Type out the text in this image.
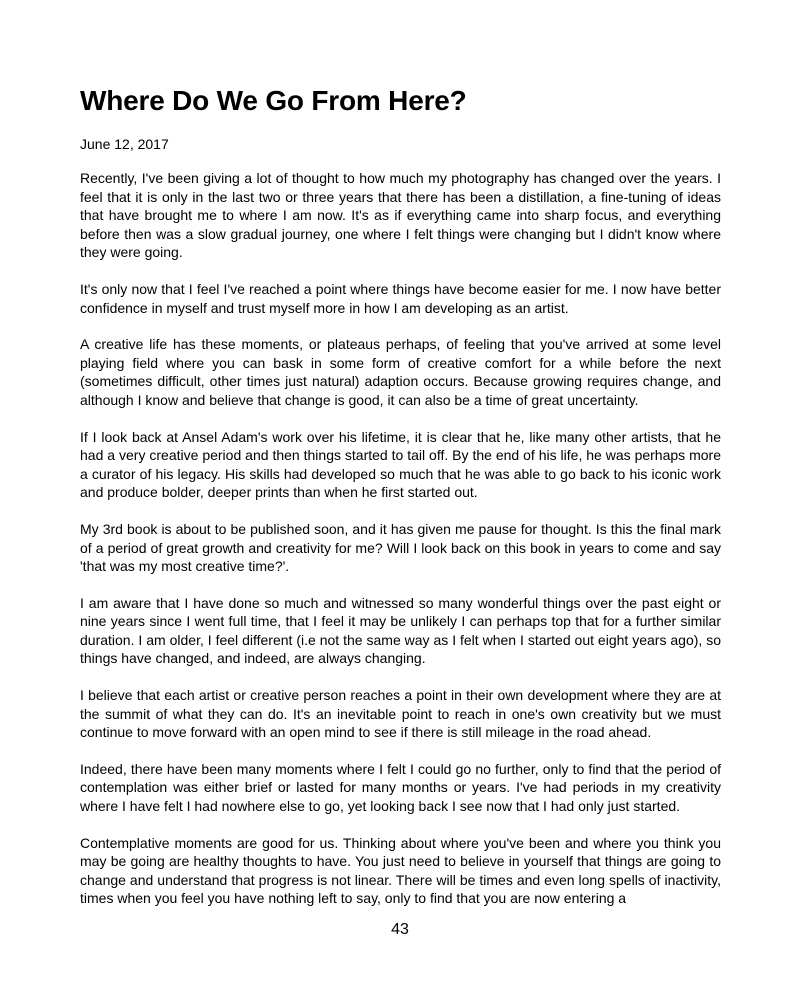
Where Do We Go From Here?

June 12, 2017

Recently, I've been giving a lot of thought to how much my photography has changed over the years. I feel that it is only in the last two or three years that there has been a distillation, a fine-tuning of ideas that have brought me to where I am now. It's as if everything came into sharp focus, and everything before then was a slow gradual journey, one where I felt things were changing but I didn't know where they were going.

It's only now that I feel I've reached a point where things have become easier for me. I now have better confidence in myself and trust myself more in how I am developing as an artist.

A creative life has these moments, or plateaus perhaps, of feeling that you've arrived at some level playing field where you can bask in some form of creative comfort for a while before the next (sometimes difficult, other times just natural) adaption occurs. Because growing requires change, and although I know and believe that change is good, it can also be a time of great uncertainty.

If I look back at Ansel Adam's work over his lifetime, it is clear that he, like many other artists, that he had a very creative period and then things started to tail off. By the end of his life, he was perhaps more a curator of his legacy. His skills had developed so much that he was able to go back to his iconic work and produce bolder, deeper prints than when he first started out.

My 3rd book is about to be published soon, and it has given me pause for thought. Is this the final mark of a period of great growth and creativity for me? Will I look back on this book in years to come and say 'that was my most creative time?'.

I am aware that I have done so much and witnessed so many wonderful things over the past eight or nine years since I went full time, that I feel it may be unlikely I can perhaps top that for a further similar duration. I am older, I feel different (i.e not the same way as I felt when I started out eight years ago), so things have changed, and indeed, are always changing.

I believe that each artist or creative person reaches a point in their own development where they are at the summit of what they can do. It's an inevitable point to reach in one's own creativity but we must continue to move forward with an open mind to see if there is still mileage in the road ahead.

Indeed, there have been many moments where I felt I could go no further, only to find that the period of contemplation was either brief or lasted for many months or years. I've had periods in my creativity where I have felt I had nowhere else to go, yet looking back I see now that I had only just started.

Contemplative moments are good for us. Thinking about where you've been and where you think you may be going are healthy thoughts to have. You just need to believe in yourself that things are going to change and understand that progress is not linear. There will be times and even long spells of inactivity, times when you feel you have nothing left to say, only to find that you are now entering a

43
